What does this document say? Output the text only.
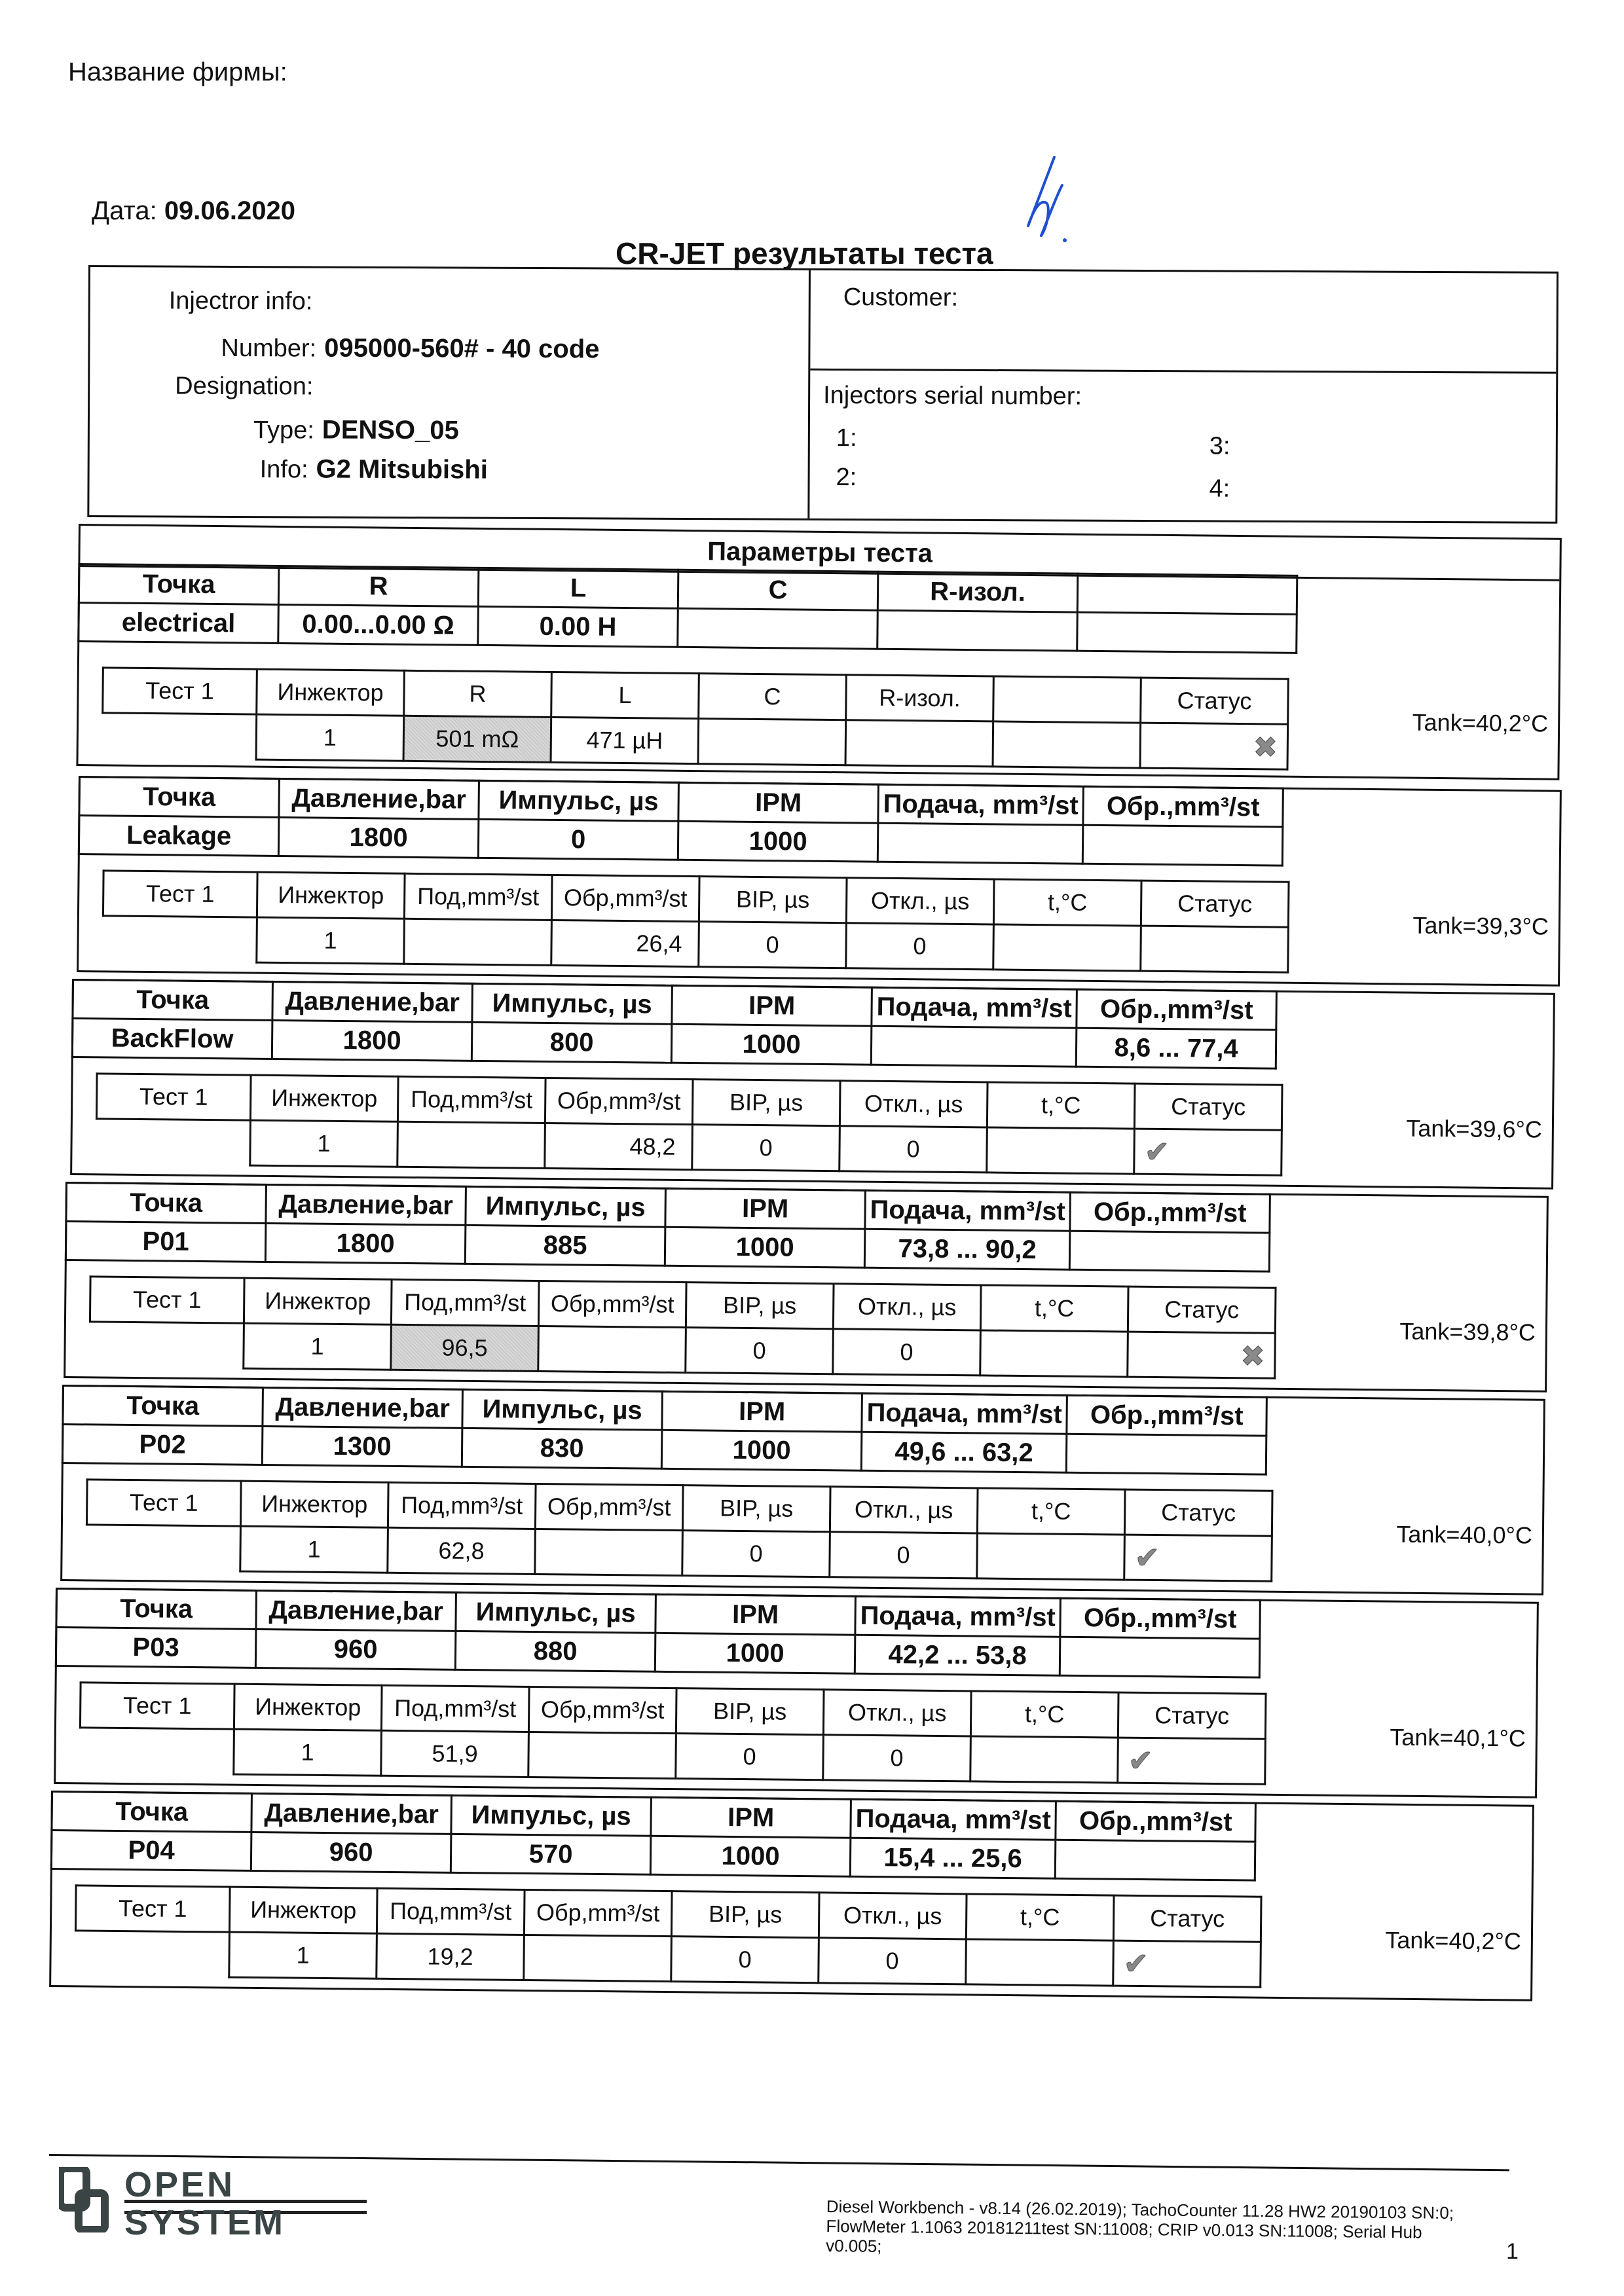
Название фирмы:
Дата: 09.06.2020
CR-JET результаты теста
Injectror info:
Number: 095000-560# - 40 code
Designation:
Type: DENSO_05
Info: G2 Mitsubishi
Customer:
Injectors serial number:
1:
2:
3:
4:
Параметры теста
Точка	R	L	C	R-изол.	
electrical	0.00...0.00 Ω	0.00 H			
Тест 1	Инжектор	R	L	C	R-изол.		Статус
	1	501 mΩ	471 µH				✖
Tank=40,2°C
Точка	Давление,bar	Импульс, µs	IPM	Подача, mm³/st	Обр.,mm³/st
Leakage	1800	0	1000		
Тест 1	Инжектор	Под,mm³/st	Обр,mm³/st	BIP, µs	Откл., µs	t,°C	Статус
	1		26,4	0	0		
Tank=39,3°C
Точка	Давление,bar	Импульс, µs	IPM	Подача, mm³/st	Обр.,mm³/st
BackFlow	1800	800	1000		8,6 ... 77,4
Тест 1	Инжектор	Под,mm³/st	Обр,mm³/st	BIP, µs	Откл., µs	t,°C	Статус
	1		48,2	0	0		✔
Tank=39,6°C
Точка	Давление,bar	Импульс, µs	IPM	Подача, mm³/st	Обр.,mm³/st
P01	1800	885	1000	73,8 ... 90,2	
Тест 1	Инжектор	Под,mm³/st	Обр,mm³/st	BIP, µs	Откл., µs	t,°C	Статус
	1	96,5		0	0		✖
Tank=39,8°C
Точка	Давление,bar	Импульс, µs	IPM	Подача, mm³/st	Обр.,mm³/st
P02	1300	830	1000	49,6 ... 63,2	
Тест 1	Инжектор	Под,mm³/st	Обр,mm³/st	BIP, µs	Откл., µs	t,°C	Статус
	1	62,8		0	0		✔
Tank=40,0°C
Точка	Давление,bar	Импульс, µs	IPM	Подача, mm³/st	Обр.,mm³/st
P03	960	880	1000	42,2 ... 53,8	
Тест 1	Инжектор	Под,mm³/st	Обр,mm³/st	BIP, µs	Откл., µs	t,°C	Статус
	1	51,9		0	0		✔
Tank=40,1°C
Точка	Давление,bar	Импульс, µs	IPM	Подача, mm³/st	Обр.,mm³/st
P04	960	570	1000	15,4 ... 25,6	
Тест 1	Инжектор	Под,mm³/st	Обр,mm³/st	BIP, µs	Откл., µs	t,°C	Статус
	1	19,2		0	0		✔
Tank=40,2°C
OPEN
SYSTEM	Diesel Workbench - v8.14 (26.02.2019); TachoCounter 11.28 HW2 20190103 SN:0; FlowMeter 1.1063 20181211test SN:11008; CRIP v0.013 SN:11008; Serial Hub v0.005;	1
